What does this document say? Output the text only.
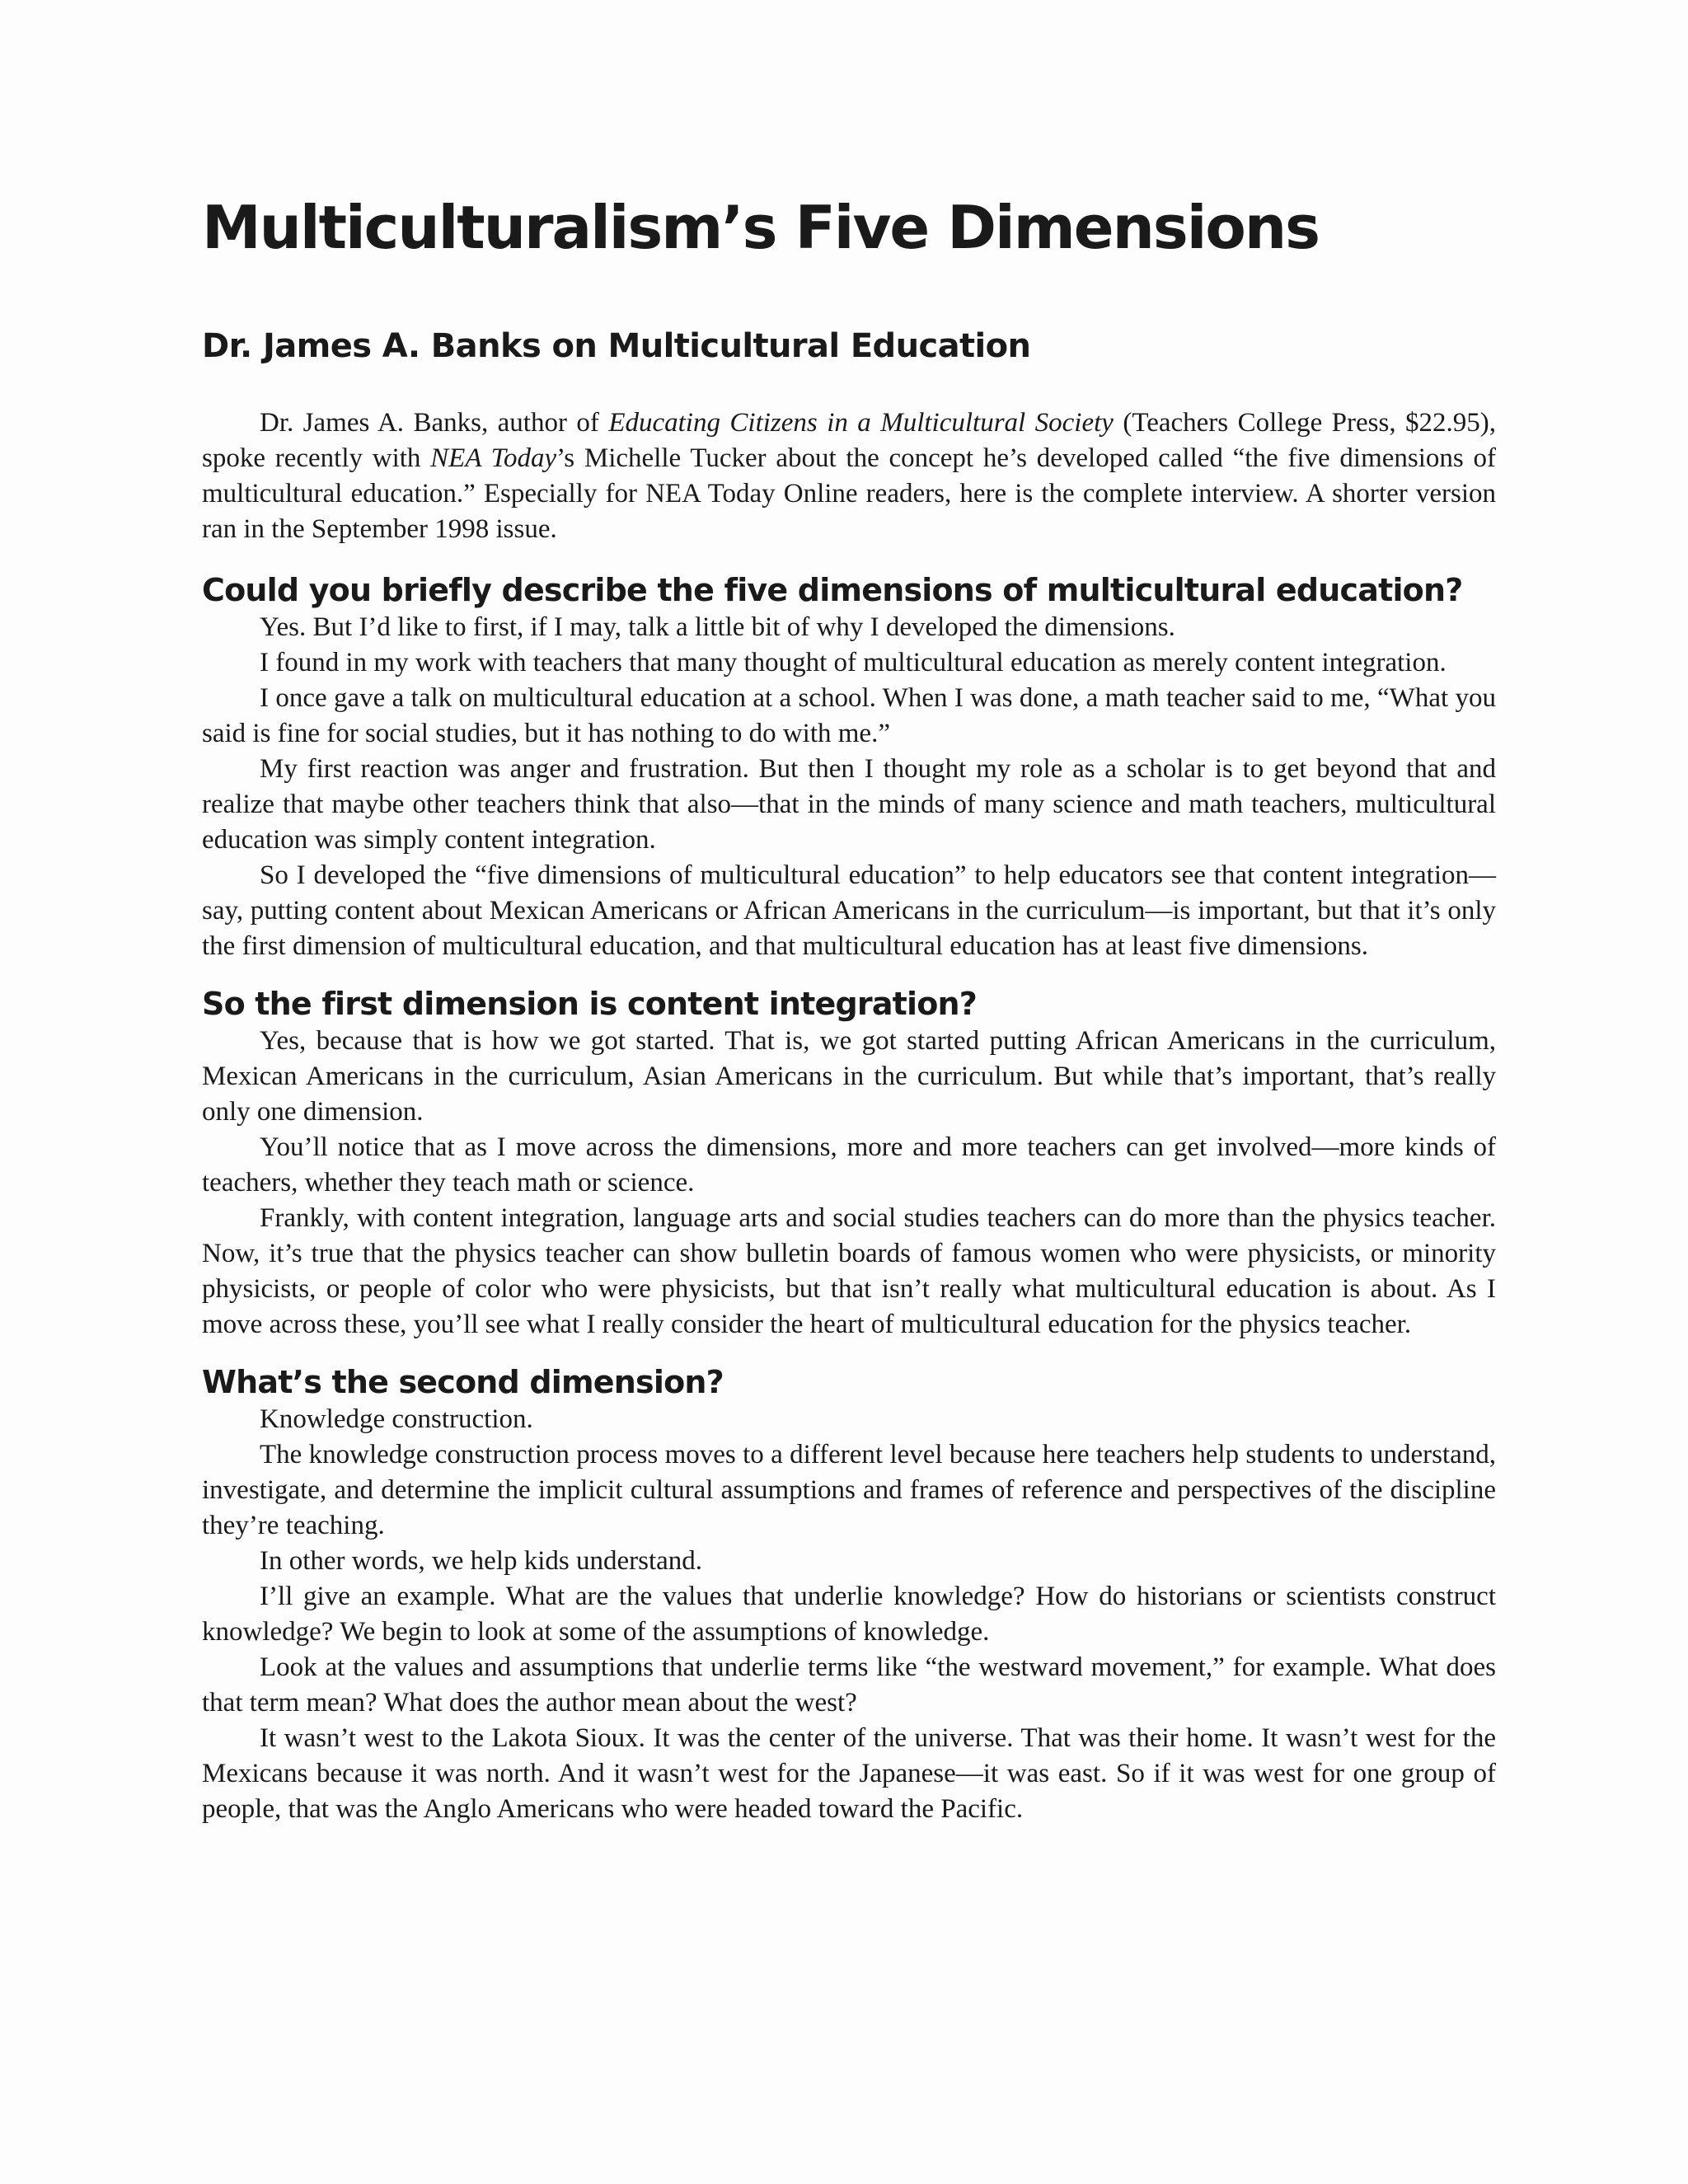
Multiculturalism’s Five Dimensions
Dr. James A. Banks on Multicultural Education

Dr. James A. Banks, author of Educating Citizens in a Multicultural Society (Teachers College Press, $22.95), spoke recently with NEA Today’s Michelle Tucker about the concept he’s developed called “the five dimensions of multicultural education.” Especially for NEA Today Online readers, here is the complete interview. A shorter version ran in the September 1998 issue.

Could you briefly describe the five dimensions of multicultural education?

Yes. But I’d like to first, if I may, talk a little bit of why I developed the dimensions.

I found in my work with teachers that many thought of multicultural education as merely content integration.

I once gave a talk on multicultural education at a school. When I was done, a math teacher said to me, “What you said is fine for social studies, but it has nothing to do with me.”

My first reaction was anger and frustration. But then I thought my role as a scholar is to get beyond that and realize that maybe other teachers think that also—that in the minds of many science and math teachers, multicultural education was simply content integration.

So I developed the “five dimensions of multicultural education” to help educators see that content integration—say, putting content about Mexican Americans or African Americans in the curriculum—is important, but that it’s only the first dimension of multicultural education, and that multicultural education has at least five dimensions.

So the first dimension is content integration?

Yes, because that is how we got started. That is, we got started putting African Americans in the curriculum, Mexican Americans in the curriculum, Asian Americans in the curriculum. But while that’s important, that’s really only one dimension.

You’ll notice that as I move across the dimensions, more and more teachers can get involved—more kinds of teachers, whether they teach math or science.

Frankly, with content integration, language arts and social studies teachers can do more than the physics teacher. Now, it’s true that the physics teacher can show bulletin boards of famous women who were physicists, or minority physicists, or people of color who were physicists, but that isn’t really what multicultural education is about. As I move across these, you’ll see what I really consider the heart of multicultural education for the physics teacher.

What’s the second dimension?

Knowledge construction.

The knowledge construction process moves to a different level because here teachers help students to understand, investigate, and determine the implicit cultural assumptions and frames of reference and perspectives of the discipline they’re teaching.

In other words, we help kids understand.

I’ll give an example. What are the values that underlie knowledge? How do historians or scientists construct knowledge? We begin to look at some of the assumptions of knowledge.

Look at the values and assumptions that underlie terms like “the westward movement,” for example. What does that term mean? What does the author mean about the west?

It wasn’t west to the Lakota Sioux. It was the center of the universe. That was their home. It wasn’t west for the Mexicans because it was north. And it wasn’t west for the Japanese—it was east. So if it was west for one group of people, that was the Anglo Americans who were headed toward the Pacific.
